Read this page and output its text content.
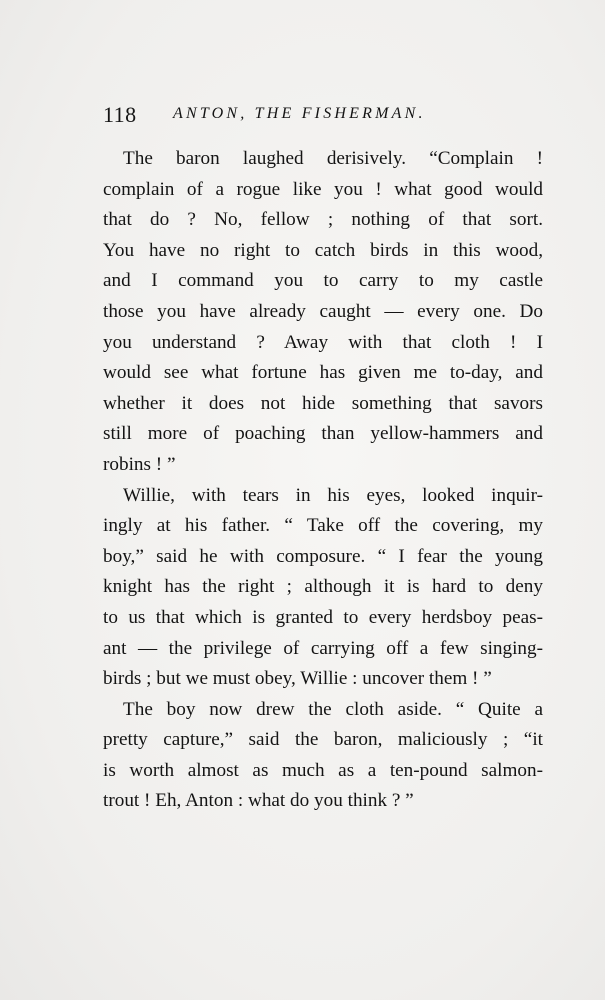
118 ANTON, THE FISHERMAN.
The baron laughed derisively. “Complain !
complain of a rogue like you ! what good would
that do ? No, fellow ; nothing of that sort.
You have no right to catch birds in this wood,
and I command you to carry to my castle
those you have already caught — every one. Do
you understand ? Away with that cloth ! I
would see what fortune has given me to-day, and
whether it does not hide something that savors
still more of poaching than yellow-hammers and
robins ! ”
Willie, with tears in his eyes, looked inquir-
ingly at his father. “ Take off the covering, my
boy,” said he with composure. “ I fear the young
knight has the right ; although it is hard to deny
to us that which is granted to every herdsboy peas-
ant — the privilege of carrying off a few singing-
birds ; but we must obey, Willie : uncover them ! ”
The boy now drew the cloth aside. “ Quite a
pretty capture,” said the baron, maliciously ; “it
is worth almost as much as a ten-pound salmon-
trout ! Eh, Anton : what do you think ? ”
